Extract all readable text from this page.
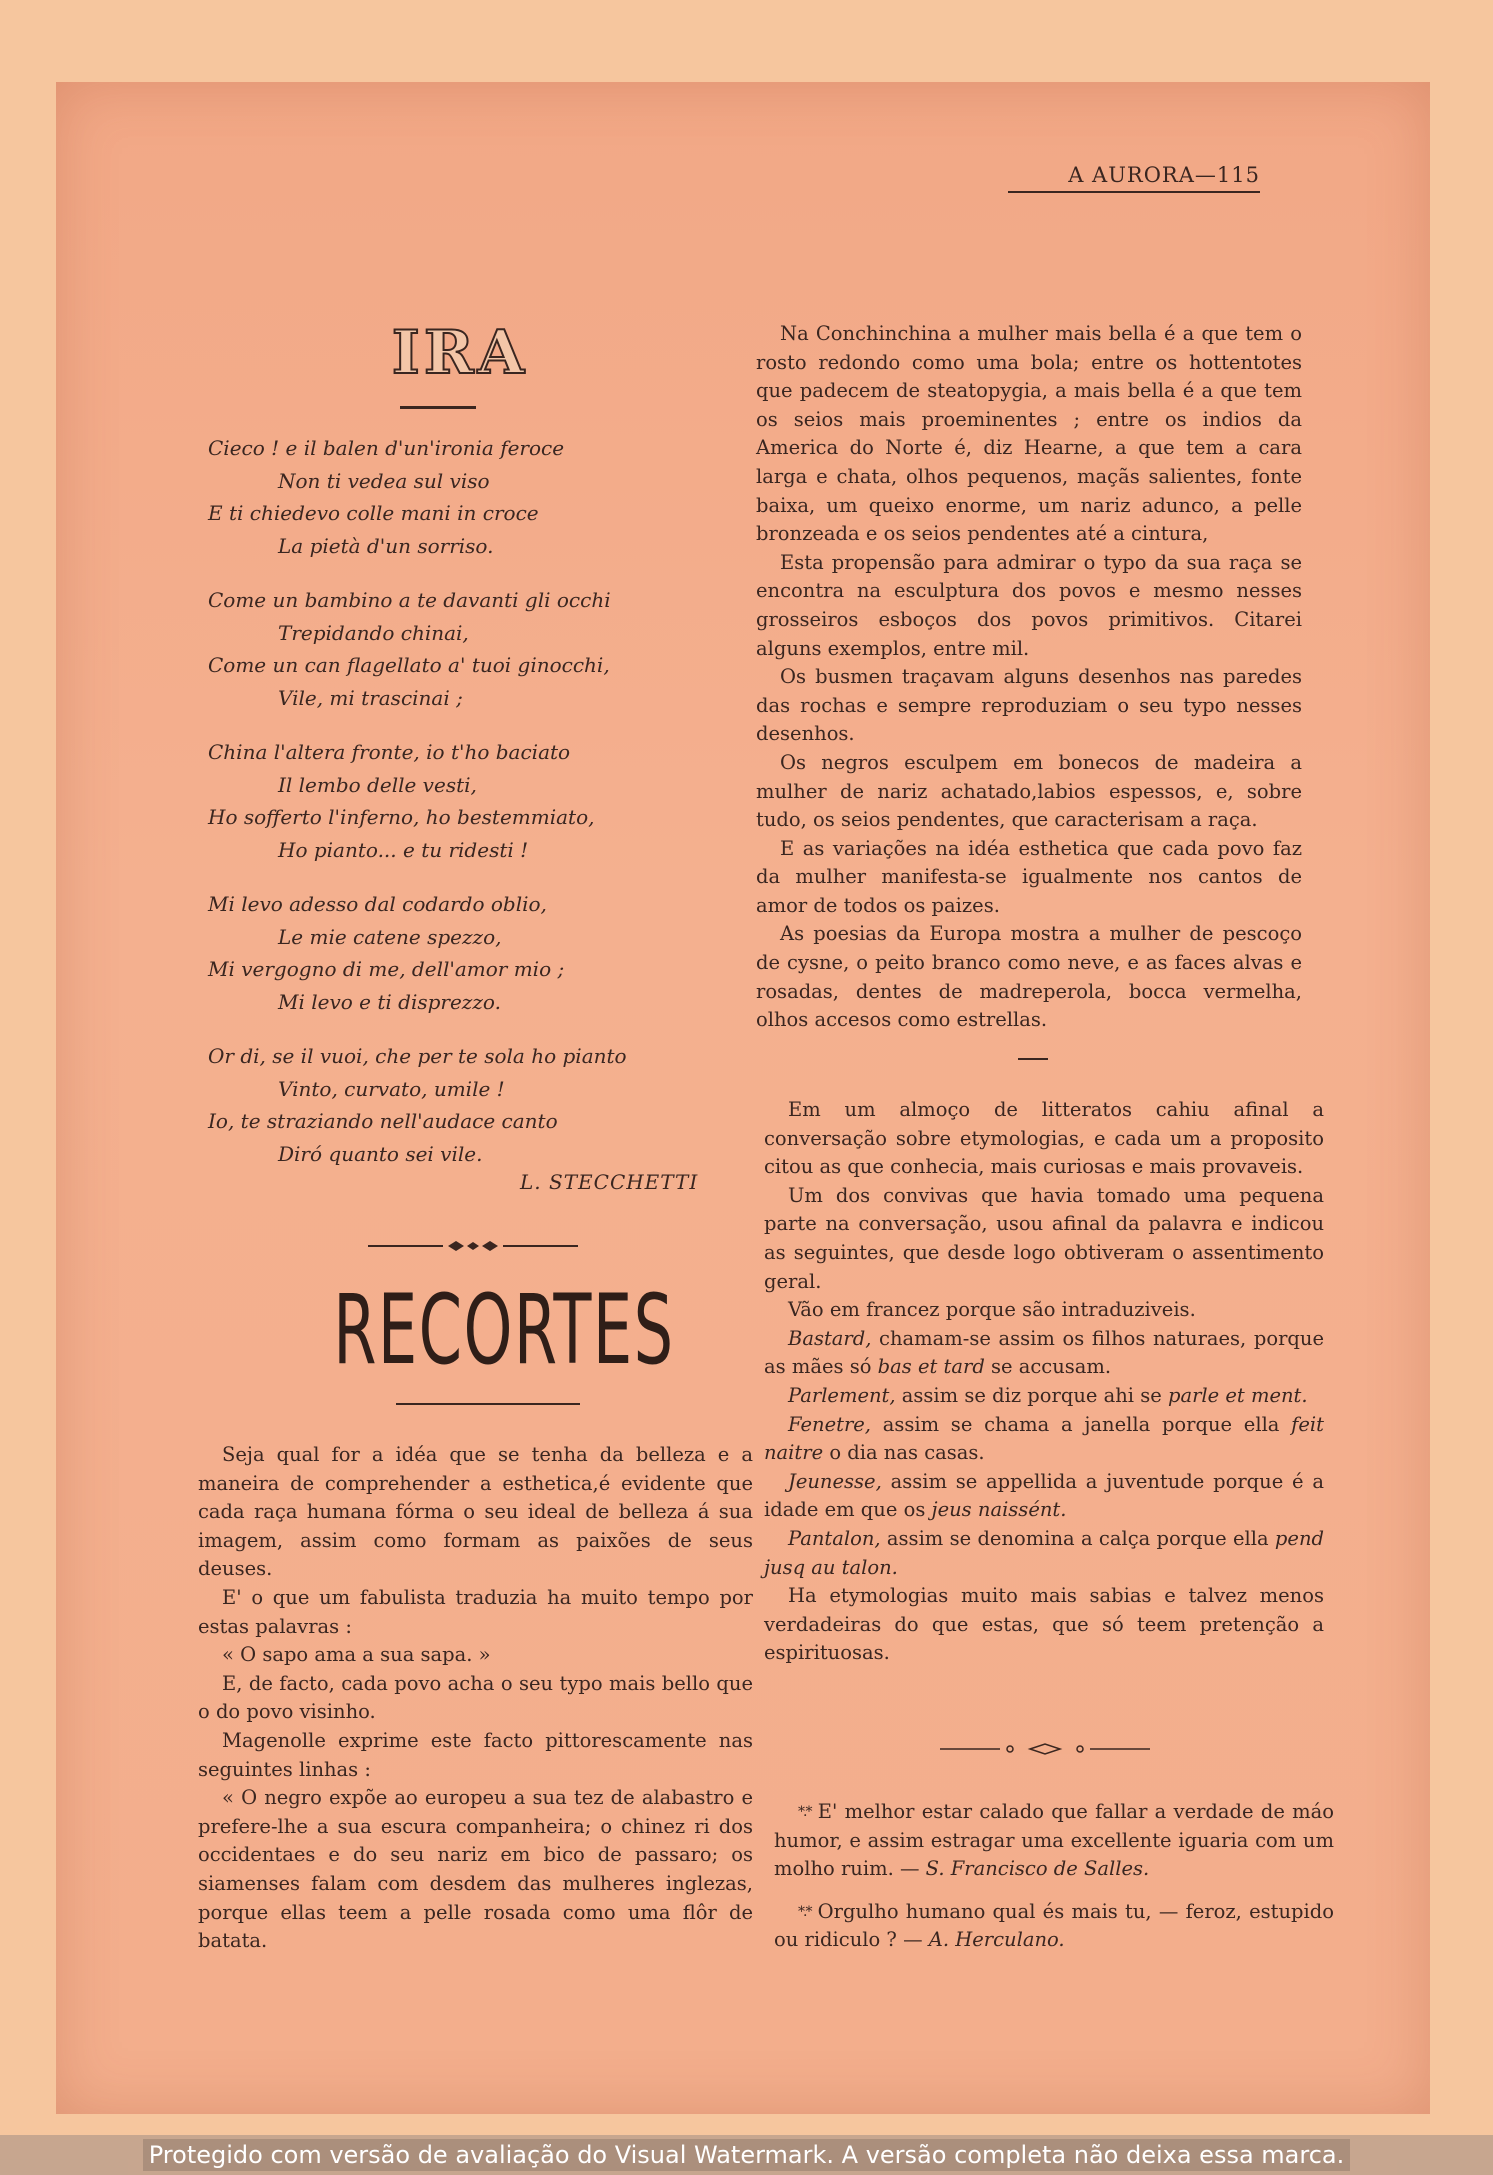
A AURORA—115
IRA
Cieco ! e il balen d'un'ironia feroce
Non ti vedea sul viso
E ti chiedevo colle mani in croce
La pietà d'un sorriso.
Come un bambino a te davanti gli occhi
Trepidando chinai,
Come un can flagellato a' tuoi ginocchi,
Vile, mi trascinai ;
China l'altera fronte, io t'ho baciato
Il lembo delle vesti,
Ho sofferto l'inferno, ho bestemmiato,
Ho pianto... e tu ridesti !
Mi levo adesso dal codardo oblio,
Le mie catene spezzo,
Mi vergogno di me, dell'amor mio ;
Mi levo e ti disprezzo.
Or di, se il vuoi, che per te sola ho pianto
Vinto, curvato, umile !
Io, te straziando nell'audace canto
Diró quanto sei vile.
L. STECCHETTI
RECORTES

Seja qual for a idéa que se tenha da belleza e a maneira de comprehender a esthetica,é evidente que cada raça humana fórma o seu ideal de belleza á sua imagem, assim como formam as paixões de seus deuses.

E' o que um fabulista traduzia ha muito tempo por estas palavras :

« O sapo ama a sua sapa. »

E, de facto, cada povo acha o seu typo mais bello que o do povo visinho.

Magenolle exprime este facto pittorescamente nas seguintes linhas :

« O negro expõe ao europeu a sua tez de alabastro e prefere-lhe a sua escura companheira; o chinez ri dos occidentaes e do seu nariz em bico de passaro; os siamenses falam com desdem das mulheres inglezas, porque ellas teem a pelle rosada como uma flôr de batata.

Na Conchinchina a mulher mais bella é a que tem o rosto redondo como uma bola; entre os hottentotes que padecem de steatopygia, a mais bella é a que tem os seios mais proeminentes ; entre os indios da America do Norte é, diz Hearne, a que tem a cara larga e chata, olhos pequenos, maçãs salientes, fonte baixa, um queixo enorme, um nariz adunco, a pelle bronzeada e os seios pendentes até a cintura,

Esta propensão para admirar o typo da sua raça se encontra na esculptura dos povos e mesmo nesses grosseiros esboços dos povos primitivos. Citarei alguns exemplos, entre mil.

Os busmen traçavam alguns desenhos nas paredes das rochas e sempre reproduziam o seu typo nesses desenhos.

Os negros esculpem em bonecos de madeira a mulher de nariz achatado,labios espessos, e, sobre tudo, os seios pendentes, que caracterisam a raça.

E as variações na idéa esthetica que cada povo faz da mulher manifesta-se igualmente nos cantos de amor de todos os paizes.

As poesias da Europa mostra a mulher de pescoço de cysne, o peito branco como neve, e as faces alvas e rosadas, dentes de madreperola, bocca vermelha, olhos accesos como estrellas.

Em um almoço de litteratos cahiu afinal a conversação sobre etymologias, e cada um a proposito citou as que conhecia, mais curiosas e mais provaveis.

Um dos convivas que havia tomado uma pequena parte na conversação, usou afinal da palavra e indicou as seguintes, que desde logo obtiveram o assentimento geral.

Vão em francez porque são intraduziveis.

Bastard, chamam-se assim os filhos naturaes, porque as mães só bas et tard se accusam.

Parlement, assim se diz porque ahi se parle et ment.

Fenetre, assim se chama a janella porque ella feit naitre o dia nas casas.

Jeunesse, assim se appellida a juventude porque é a idade em que os jeus naissént.

Pantalon, assim se denomina a calça porque ella pend jusq au talon.

Ha etymologias muito mais sabias e talvez menos verdadeiras do que estas, que só teem pretenção a espirituosas.

*.* E' melhor estar calado que fallar a verdade de máo humor, e assim estragar uma excellente iguaria com um molho ruim. — S. Francisco de Salles.

*.* Orgulho humano qual és mais tu, — feroz, estupido ou ridiculo ? — A. Herculano.

Protegido com versão de avaliação do Visual Watermark. A versão completa não deixa essa marca.
